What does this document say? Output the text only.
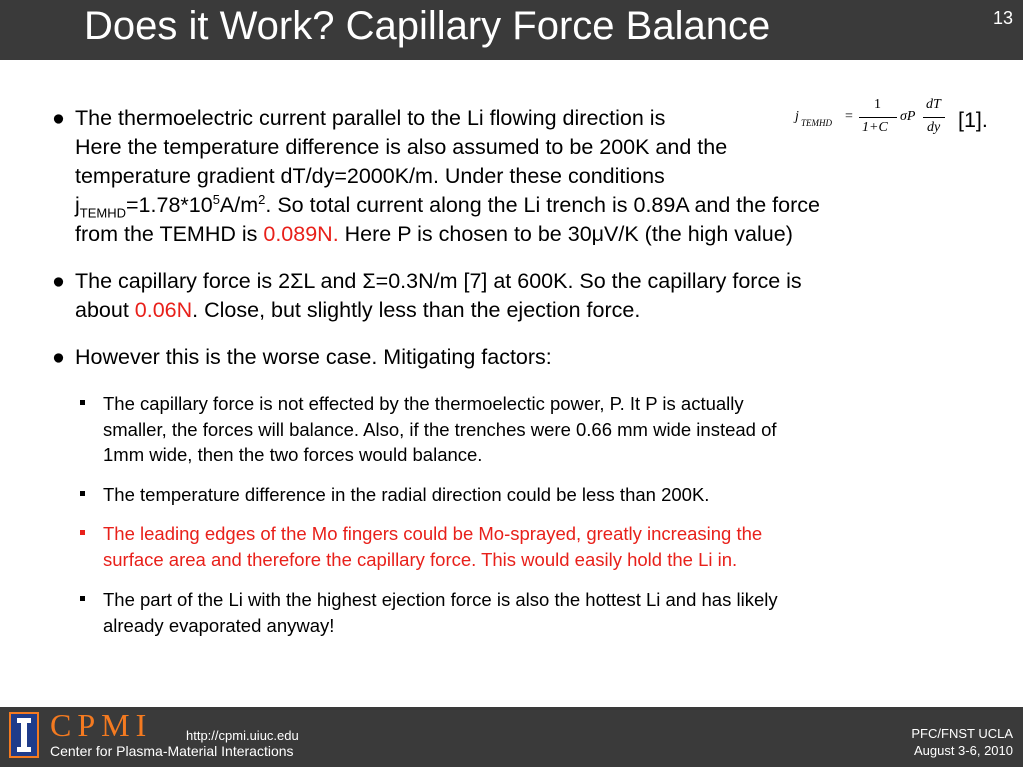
Does it Work? Capillary Force Balance	13
● The thermoelectric current parallel to the Li flowing direction is
Here the temperature difference is also assumed to be 200K and the
temperature gradient dT/dy=2000K/m. Under these conditions
$j_{TEMHD}=1.78*10^5A/m^2$. So total current along the Li trench is 0.89A and the force
from the TEMHD is 0.089N. Here P is chosen to be 30μV/K (the high value)
j TEMHD =
1
1+C
σP
dT
dy [1].
● The capillary force is 2ΣL and Σ=0.3N/m [7] at 600K. So the capillary force is
about 0.06N. Close, but slightly less than the ejection force.
● However this is the worse case. Mitigating factors:
The capillary force is not effected by the thermoelectic power, P. It P is actually
smaller, the forces will balance. Also, if the trenches were 0.66 mm wide instead of
1mm wide, then the two forces would balance.
The temperature difference in the radial direction could be less than 200K.
The leading edges of the Mo fingers could be Mo-sprayed, greatly increasing the
surface area and therefore the capillary force. This would easily hold the Li in.
The part of the Li with the highest ejection force is also the hottest Li and has likely
already evaporated anyway!
CPMI
Center for Plasma-Material Interactions
http://cpmi.uiuc.edu	PFC/FNST UCLA
August 3-6, 2010
